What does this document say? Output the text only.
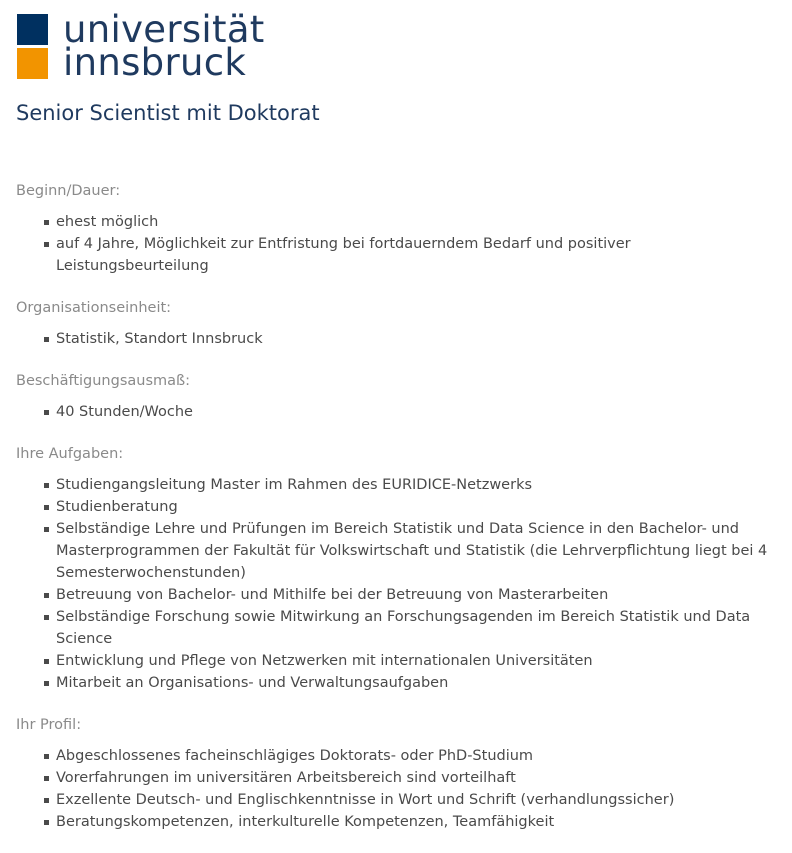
universität
innsbruck
Senior Scientist mit Doktorat

Beginn/Dauer:

ehest möglich
auf 4 Jahre, Möglichkeit zur Entfristung bei fortdauerndem Bedarf und positiver Leistungsbeurteilung

Organisationseinheit:

Statistik, Standort Innsbruck

Beschäftigungsausmaß:

40 Stunden/Woche

Ihre Aufgaben:

Studiengangsleitung Master im Rahmen des EURIDICE-Netzwerks
Studienberatung
Selbständige Lehre und Prüfungen im Bereich Statistik und Data Science in den Bachelor- und Masterprogrammen der Fakultät für Volkswirtschaft und Statistik (die Lehrverpflichtung liegt bei 4 Semesterwochenstunden)
Betreuung von Bachelor- und Mithilfe bei der Betreuung von Masterarbeiten
Selbständige Forschung sowie Mitwirkung an Forschungsagenden im Bereich Statistik und Data Science
Entwicklung und Pflege von Netzwerken mit internationalen Universitäten
Mitarbeit an Organisations- und Verwaltungsaufgaben

Ihr Profil:

Abgeschlossenes facheinschlägiges Doktorats- oder PhD-Studium
Vorerfahrungen im universitären Arbeitsbereich sind vorteilhaft
Exzellente Deutsch- und Englischkenntnisse in Wort und Schrift (verhandlungssicher)
Beratungskompetenzen, interkulturelle Kompetenzen, Teamfähigkeit
